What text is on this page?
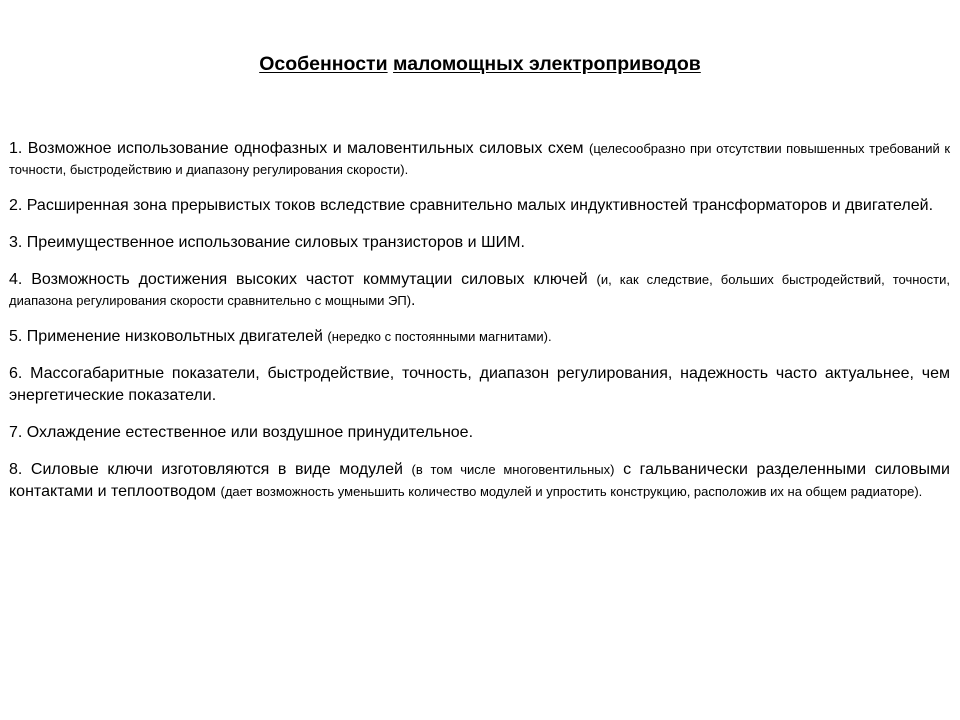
Особенности маломощных электроприводов
1. Возможное использование однофазных и маловентильных силовых схем (целесообразно при отсутствии повышенных требований к точности, быстродействию и диапазону регулирования скорости).
2. Расширенная зона прерывистых токов вследствие сравнительно малых индуктивностей трансформаторов и двигателей.
3. Преимущественное использование силовых транзисторов и ШИМ.
4. Возможность достижения высоких частот коммутации силовых ключей (и, как следствие, больших быстродействий, точности, диапазона регулирования скорости сравнительно с мощными ЭП).
5. Применение низковольтных двигателей (нередко с постоянными магнитами).
6. Массогабаритные показатели, быстродействие, точность, диапазон регулирования, надежность часто актуальнее, чем энергетические показатели.
7. Охлаждение естественное или воздушное принудительное.
8. Силовые ключи изготовляются в виде модулей (в том числе многовентильных) с гальванически разделенными силовыми контактами и теплоотводом (дает возможность уменьшить количество модулей и упростить конструкцию, расположив их на общем радиаторе).
